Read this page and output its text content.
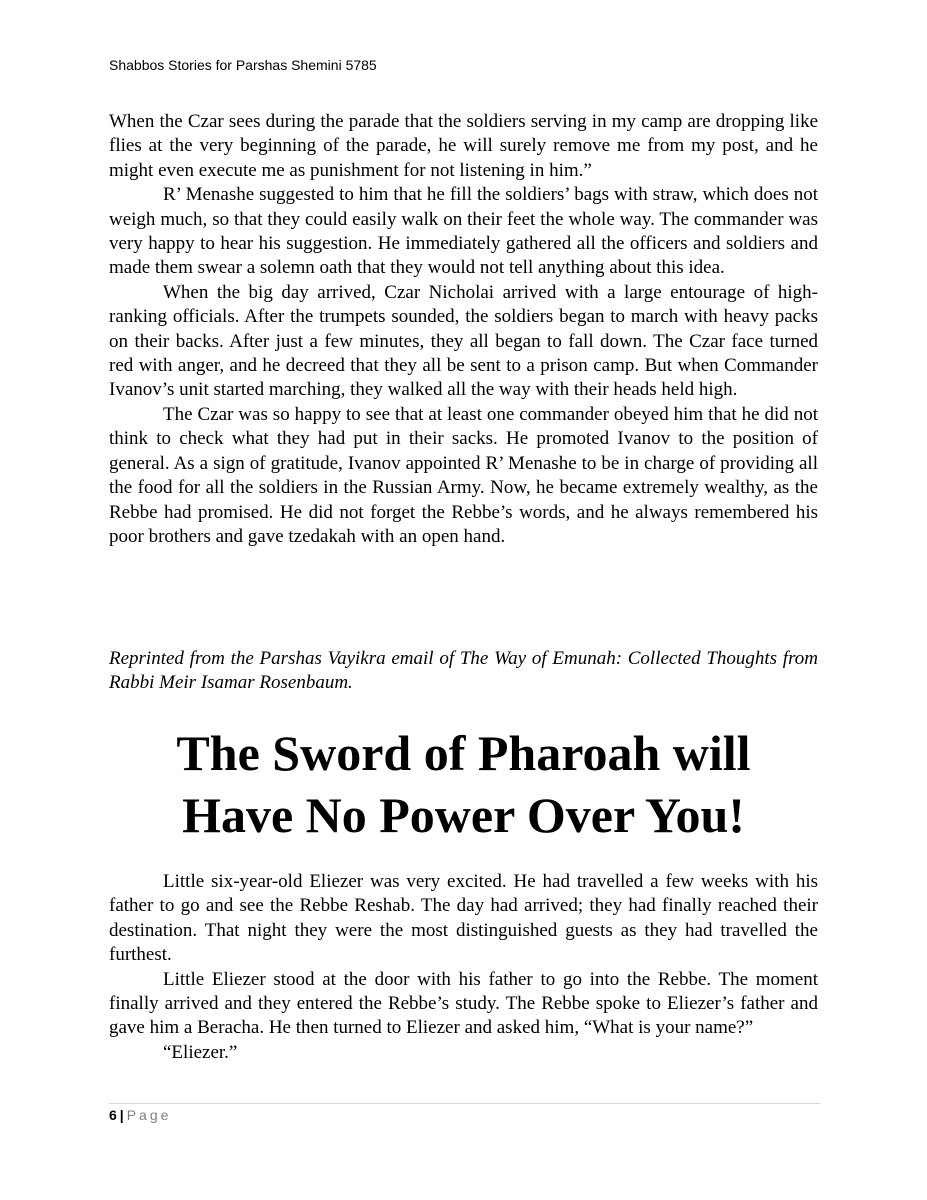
Shabbos Stories for Parshas Shemini 5785

When the Czar sees during the parade that the soldiers serving in my camp are dropping like flies at the very beginning of the parade, he will surely remove me from my post, and he might even execute me as punishment for not listening in him.”

R’ Menashe suggested to him that he fill the soldiers’ bags with straw, which does not weigh much, so that they could easily walk on their feet the whole way. The commander was very happy to hear his suggestion. He immediately gathered all the officers and soldiers and made them swear a solemn oath that they would not tell anything about this idea.

When the big day arrived, Czar Nicholai arrived with a large entourage of high-ranking officials. After the trumpets sounded, the soldiers began to march with heavy packs on their backs. After just a few minutes, they all began to fall down. The Czar face turned red with anger, and he decreed that they all be sent to a prison camp. But when Commander Ivanov’s unit started marching, they walked all the way with their heads held high.

The Czar was so happy to see that at least one commander obeyed him that he did not think to check what they had put in their sacks. He promoted Ivanov to the position of general. As a sign of gratitude, Ivanov appointed R’ Menashe to be in charge of providing all the food for all the soldiers in the Russian Army. Now, he became extremely wealthy, as the Rebbe had promised. He did not forget the Rebbe’s words, and he always remembered his poor brothers and gave tzedakah with an open hand.

Reprinted from the Parshas Vayikra email of The Way of Emunah: Collected Thoughts from Rabbi Meir Isamar Rosenbaum.

The Sword of Pharoah will
Have No Power Over You!

Little six-year-old Eliezer was very excited. He had travelled a few weeks with his father to go and see the Rebbe Reshab. The day had arrived; they had finally reached their destination. That night they were the most distinguished guests as they had travelled the furthest.

Little Eliezer stood at the door with his father to go into the Rebbe. The moment finally arrived and they entered the Rebbe’s study. The Rebbe spoke to Eliezer’s father and gave him a Beracha. He then turned to Eliezer and asked him, “What is your name?”

“Eliezer.”

6 | Page
